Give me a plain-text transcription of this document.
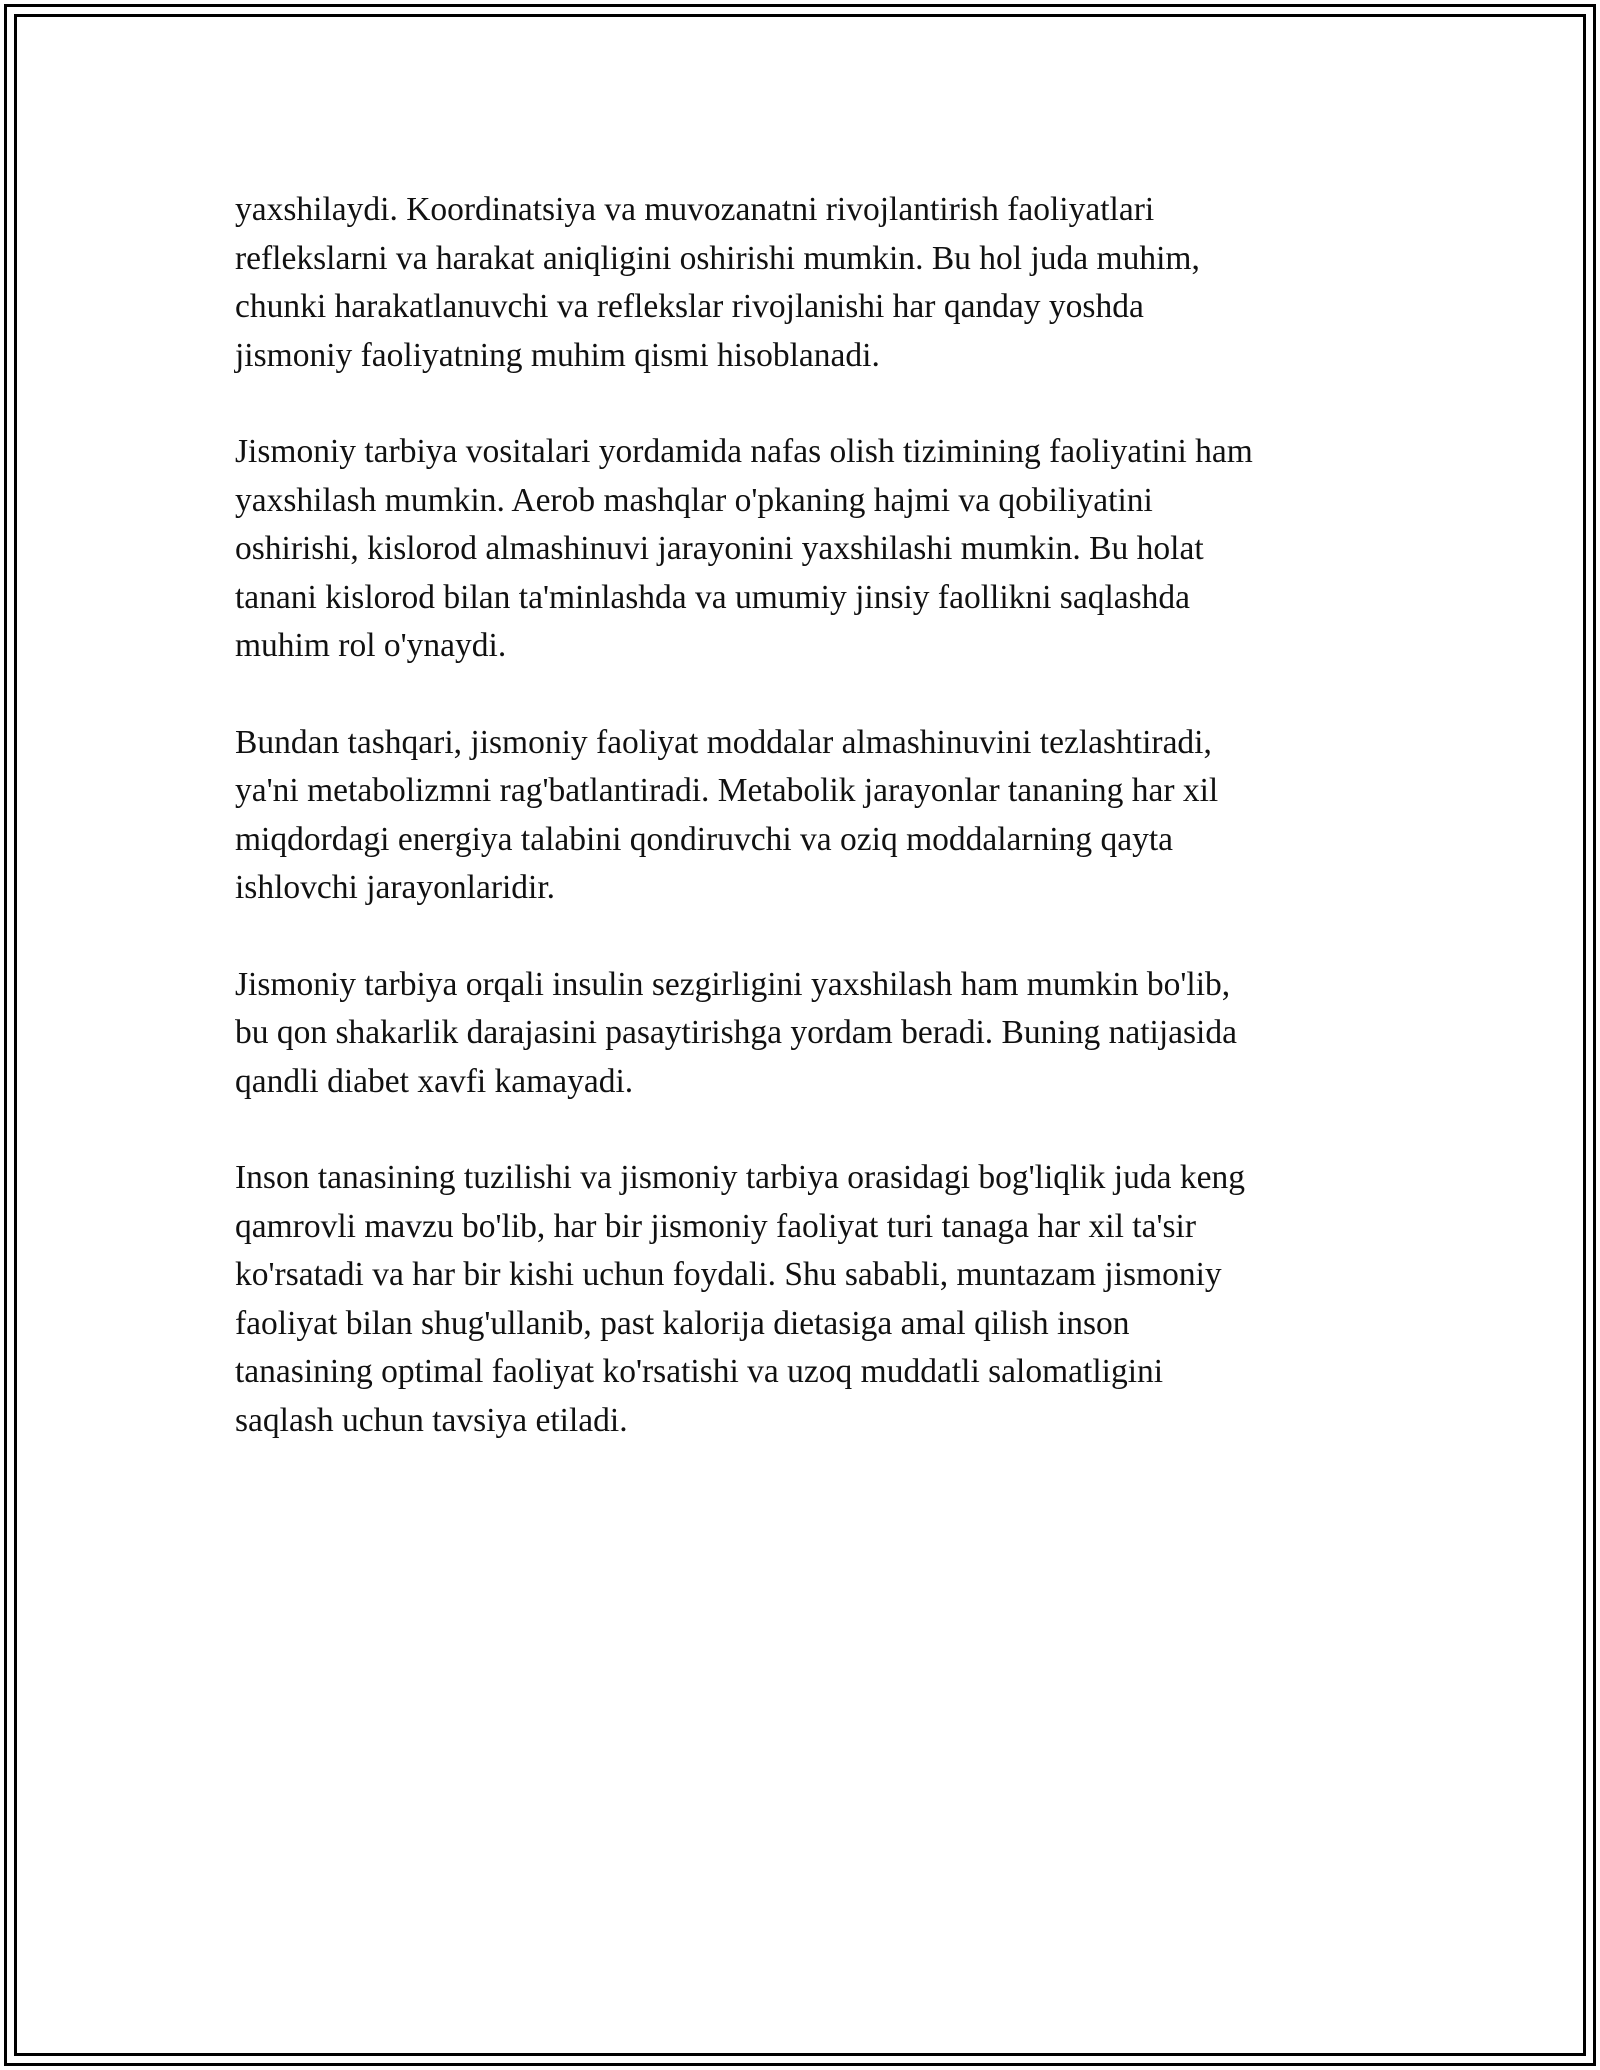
yaxshilaydi. Koordinatsiya va muvozanatni rivojlantirish faoliyatlari
reflekslarni va harakat aniqligini oshirishi mumkin. Bu hol juda muhim,
chunki harakatlanuvchi va reflekslar rivojlanishi har qanday yoshda
jismoniy faoliyatning muhim qismi hisoblanadi.

Jismoniy tarbiya vositalari yordamida nafas olish tizimining faoliyatini ham
yaxshilash mumkin. Aerob mashqlar o'pkaning hajmi va qobiliyatini
oshirishi, kislorod almashinuvi jarayonini yaxshilashi mumkin. Bu holat
tanani kislorod bilan ta'minlashda va umumiy jinsiy faollikni saqlashda
muhim rol o'ynaydi.

Bundan tashqari, jismoniy faoliyat moddalar almashinuvini tezlashtiradi,
ya'ni metabolizmni rag'batlantiradi. Metabolik jarayonlar tananing har xil
miqdordagi energiya talabini qondiruvchi va oziq moddalarning qayta
ishlovchi jarayonlaridir.

Jismoniy tarbiya orqali insulin sezgirligini yaxshilash ham mumkin bo'lib,
bu qon shakarlik darajasini pasaytirishga yordam beradi. Buning natijasida
qandli diabet xavfi kamayadi.

Inson tanasining tuzilishi va jismoniy tarbiya orasidagi bog'liqlik juda keng
qamrovli mavzu bo'lib, har bir jismoniy faoliyat turi tanaga har xil ta'sir
ko'rsatadi va har bir kishi uchun foydali. Shu sababli, muntazam jismoniy
faoliyat bilan shug'ullanib, past kalorija dietasiga amal qilish inson
tanasining optimal faoliyat ko'rsatishi va uzoq muddatli salomatligini
saqlash uchun tavsiya etiladi.
